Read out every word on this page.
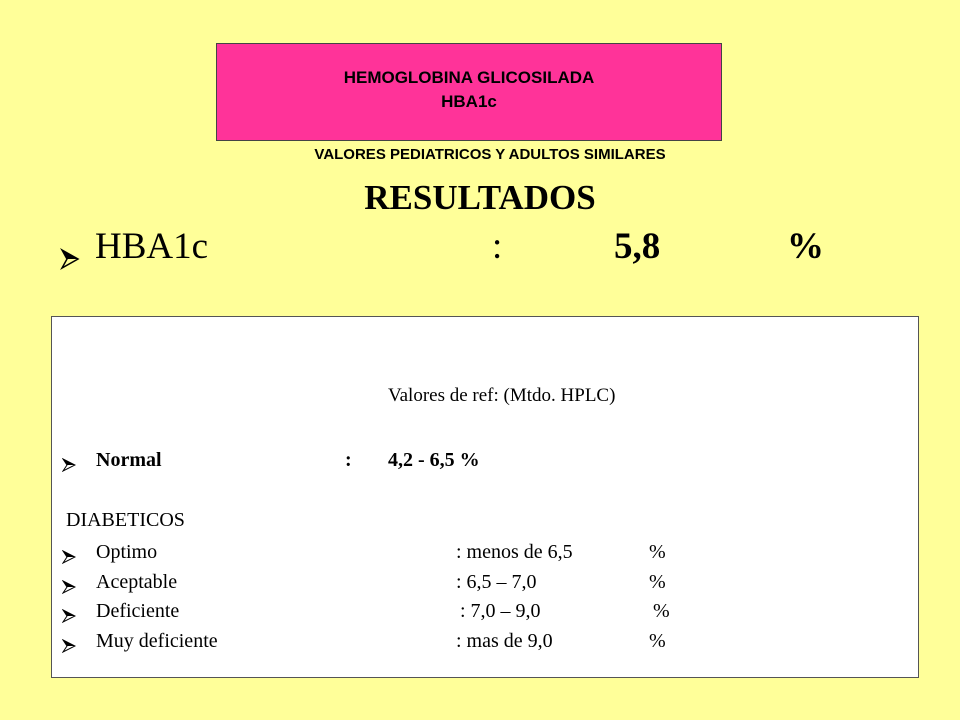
HEMOGLOBINA GLICOSILADA
HBA1c
VALORES PEDIATRICOS Y ADULTOS SIMILARES
RESULTADOS
HBA1c	:	5,8	%
Valores de ref: (Mtdo. HPLC)
Normal	: 4,2 - 6,5 %
DIABETICOS
Optimo	: menos de 6,5	%
Aceptable	: 6,5 – 7,0	%
Deficiente	: 7,0 – 9,0	%
Muy deficiente	: mas de 9,0	%
